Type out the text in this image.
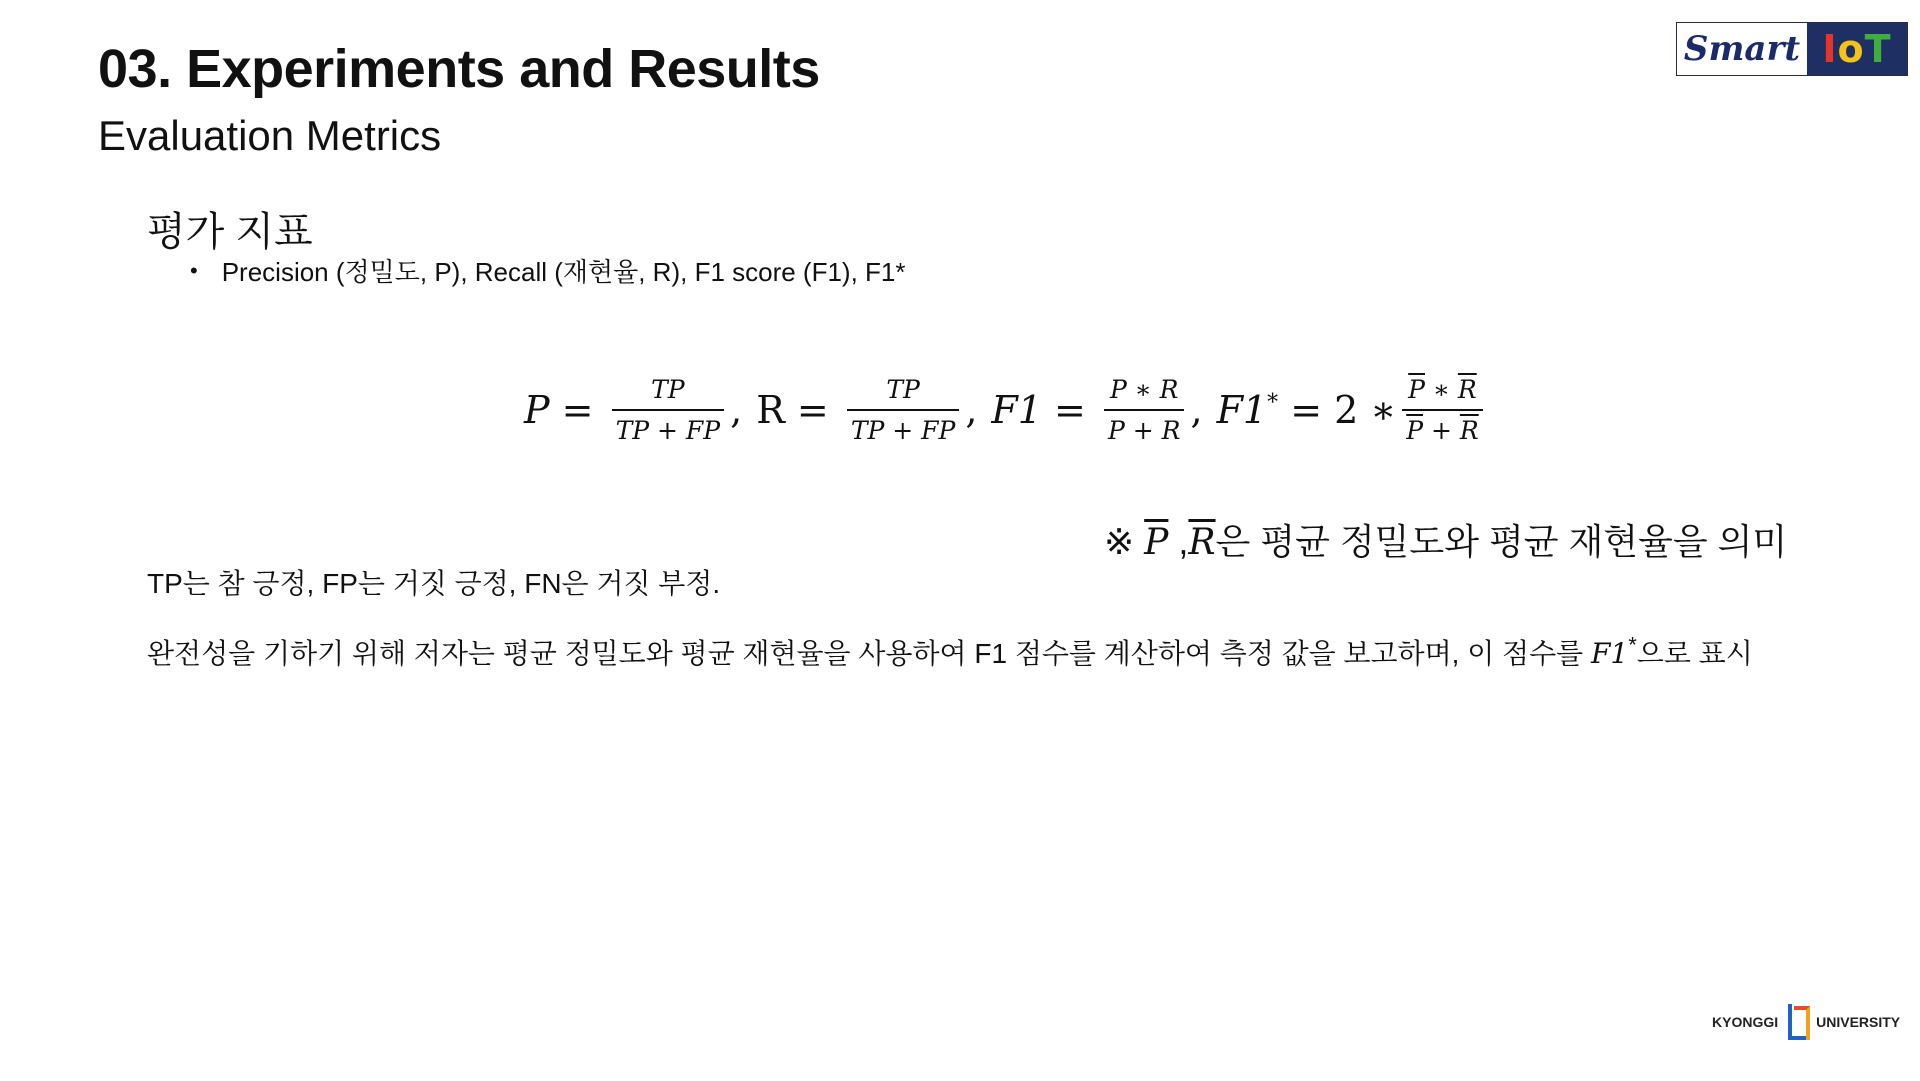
03. Experiments and Results
Evaluation Metrics
Smart I o T
평가 지표
• Precision (정밀도, P), Recall (재현율, R), F1 score (F1), F1*
$P = \frac{TP}{TP + FP}$ , $R = \frac{TP}{TP + FP}$ , $F1 = \frac{P ∗ R}{P + R}$ , F1* = 2 ∗ $\frac{\overline{P} ∗ \overline{R}}{\overline{P} + \overline{R}}$
※ $\overline{P}$ $,\overline{R}$은 평균 정밀도와 평균 재현율을 의미
TP는 참 긍정, FP는 거짓 긍정, FN은 거짓 부정.
완전성을 기하기 위해 저자는 평균 정밀도와 평균 재현율을 사용하여 F1 점수를 계산하여 측정 값을 보고하며, 이 점수를 F1*으로 표시
KYONGGI	UNIVERSITY
